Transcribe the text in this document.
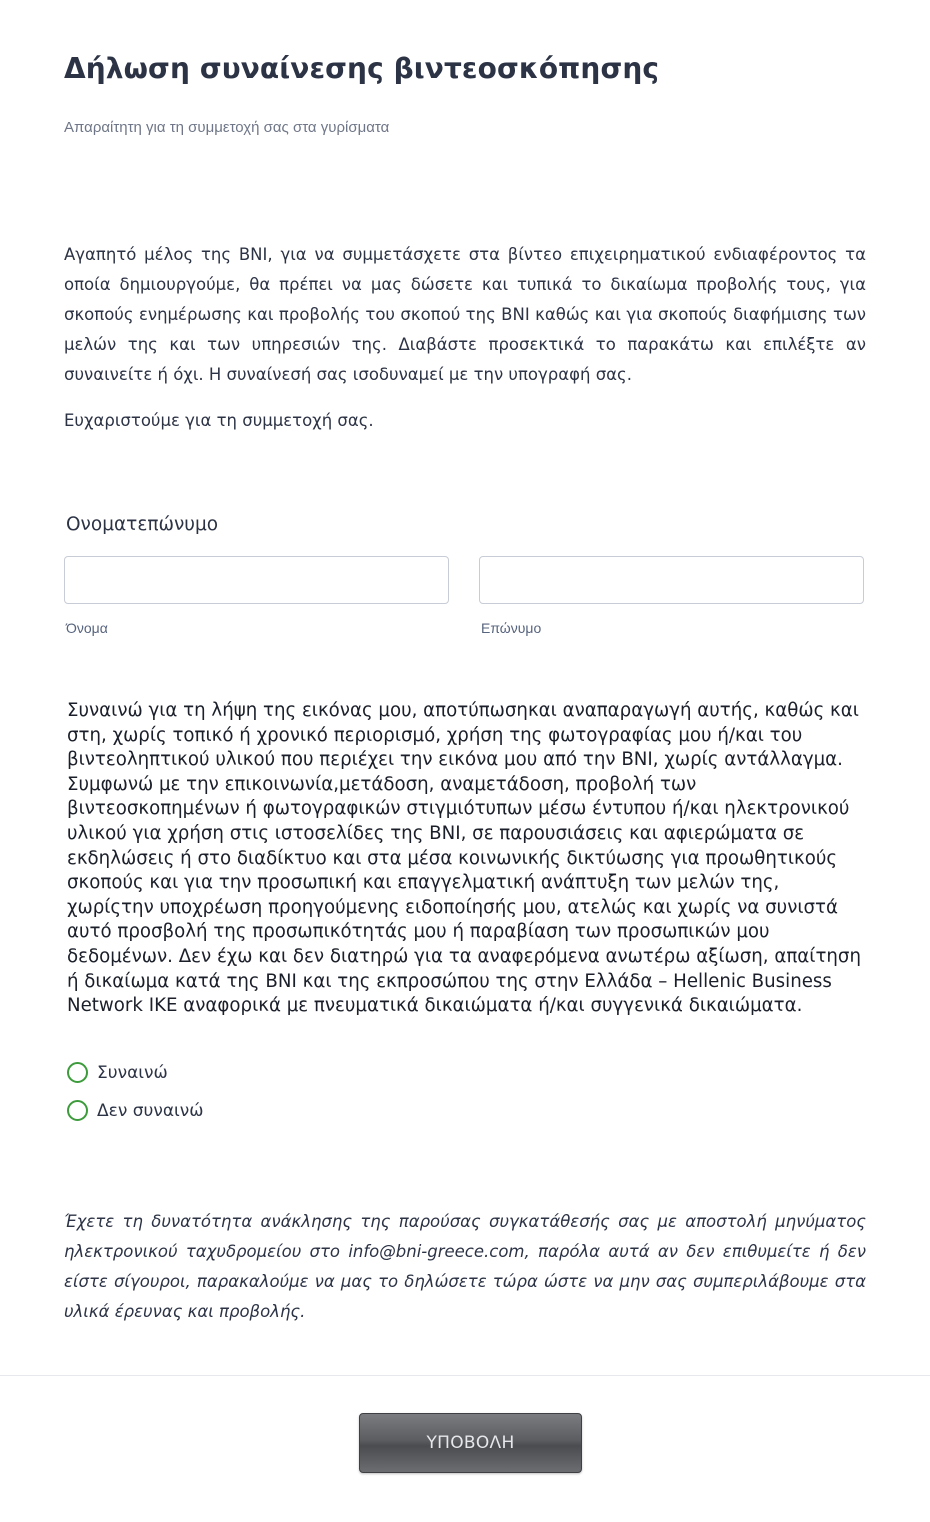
Δήλωση συναίνεσης βιντεοσκόπησης

Απαραίτητη για τη συμμετοχή σας στα γυρίσματα

Αγαπητό μέλος της BNI, για να συμμετάσχετε στα βίντεο επιχειρηματικού ενδιαφέροντος τα οποία δημιουργούμε, θα πρέπει να μας δώσετε και τυπικά το δικαίωμα προβολής τους, για σκοπούς ενημέρωσης και προβολής του σκοπού της BNI καθώς και για σκοπούς διαφήμισης των μελών της και των υπηρεσιών της. Διαβάστε προσεκτικά το παρακάτω και επιλέξτε αν συναινείτε ή όχι. Η συναίνεσή σας ισοδυναμεί με την υπογραφή σας.

Ευχαριστούμε για τη συμμετοχή σας.

Ονοματεπώνυμο
Όνομα	Επώνυμο

Συναινώ για τη λήψη της εικόνας μου, αποτύπωσηκαι αναπαραγωγή αυτής, καθώς και στη, χωρίς τοπικό ή χρονικό περιορισμό, χρήση της φωτογραφίας μου ή/και του βιντεοληπτικού υλικού που περιέχει την εικόνα μου από την BNI, χωρίς αντάλλαγμα. Συμφωνώ με την επικοινωνία,μετάδοση, αναμετάδοση, προβολή των βιντεοσκοπημένων ή φωτογραφικών στιγμιότυπων μέσω έντυπου ή/και ηλεκτρονικού υλικού για χρήση στις ιστοσελίδες της BNI, σε παρουσιάσεις και αφιερώματα σε εκδηλώσεις ή στο διαδίκτυο και στα μέσα κοινωνικής δικτύωσης για προωθητικούς σκοπούς και για την προσωπική και επαγγελματική ανάπτυξη των μελών της, χωρίςτην υποχρέωση προηγούμενης ειδοποίησής μου, ατελώς και χωρίς να συνιστά αυτό προσβολή της προσωπικότητάς μου ή παραβίαση των προσωπικών μου δεδομένων. Δεν έχω και δεν διατηρώ για τα αναφερόμενα ανωτέρω αξίωση, απαίτηση ή δικαίωμα κατά της BNI και της εκπροσώπου της στην Ελλάδα – Hellenic Business Network IKE αναφορικά με πνευματικά δικαιώματα ή/και συγγενικά δικαιώματα.

Συναινώ
Δεν συναινώ

Έχετε τη δυνατότητα ανάκλησης της παρούσας συγκατάθεσής σας με αποστολή μηνύματος ηλεκτρονικού ταχυδρομείου στο info@bni-greece.com, παρόλα αυτά αν δεν επιθυμείτε ή δεν είστε σίγουροι, παρακαλούμε να μας το δηλώσετε τώρα ώστε να μην σας συμπεριλάβουμε στα υλικά έρευνας και προβολής.

ΥΠΟΒΟΛΗ
